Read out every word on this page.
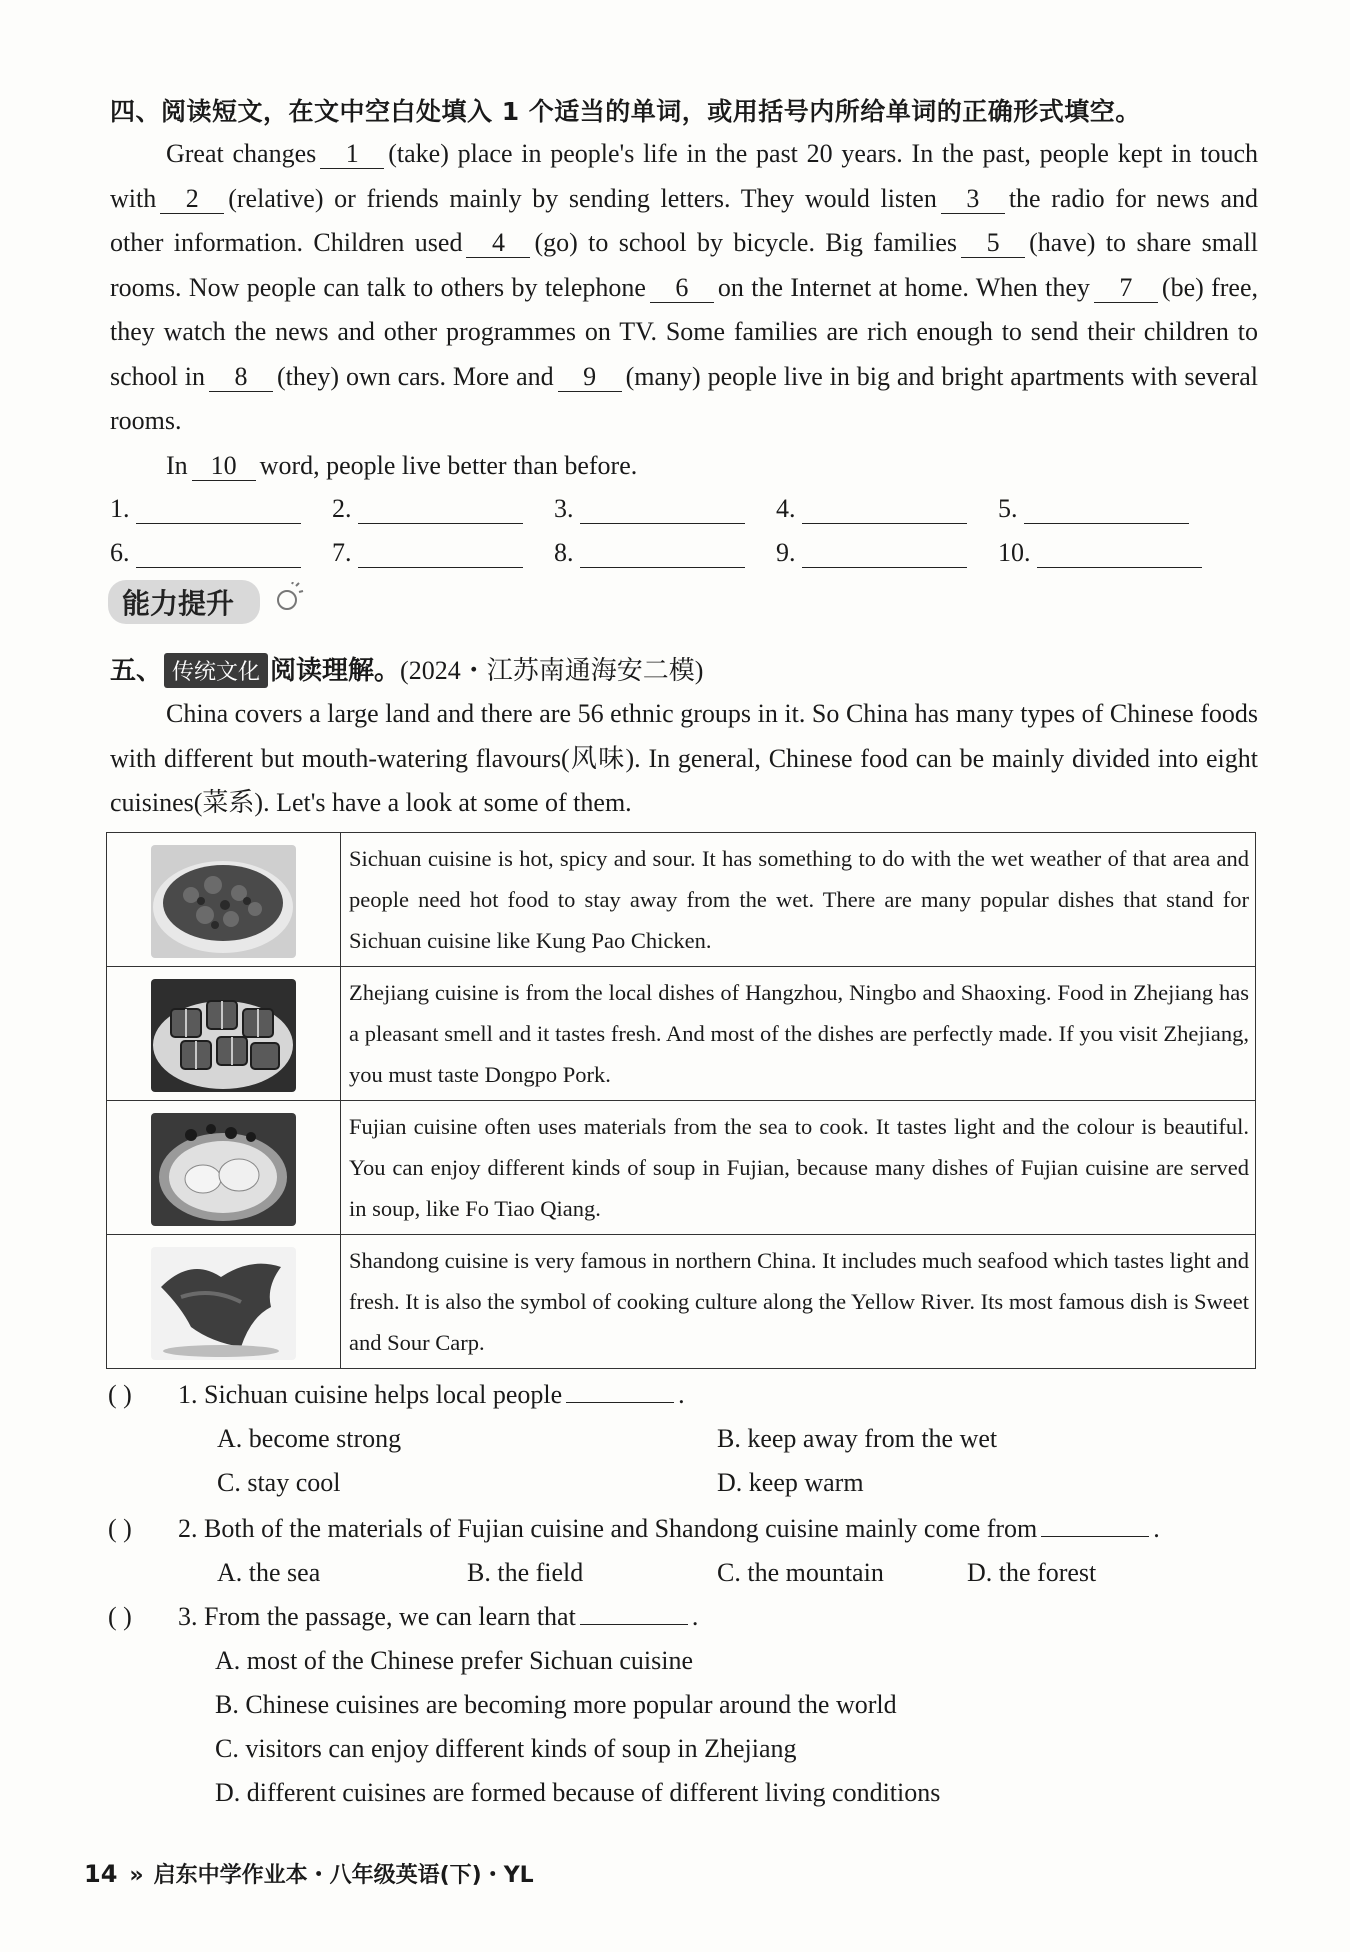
四、阅读短文，在文中空白处填入 1 个适当的单词，或用括号内所给单词的正确形式填空。

Great changes 1 (take) place in people's life in the past 20 years. In the past, people kept in touch with 2 (relative) or friends mainly by sending letters. They would listen 3 the radio for news and other information. Children used 4 (go) to school by bicycle. Big families 5 (have) to share small rooms. Now people can talk to others by telephone 6 on the Internet at home. When they 7 (be) free, they watch the news and other programmes on TV. Some families are rich enough to send their children to school in 8 (they) own cars. More and 9 (many) people live in big and bright apartments with several rooms.

In 10 word, people live better than before.

1.	2.	3.	4.	5.
6.	7.	8.	9.	10.
能力提升
五、 传统文化 阅读理解。(2024・江苏南通海安二模)

China covers a large land and there are 56 ethnic groups in it. So China has many types of Chinese foods with different but mouth-watering flavours(风味). In general, Chinese food can be mainly divided into eight cuisines(菜系). Let's have a look at some of them.

	Sichuan cuisine is hot, spicy and sour. It has something to do with the wet weather of that area and people need hot food to stay away from the wet. There are many popular dishes that stand for Sichuan cuisine like Kung Pao Chicken.

	Zhejiang cuisine is from the local dishes of Hangzhou, Ningbo and Shaoxing. Food in Zhejiang has a pleasant smell and it tastes fresh. And most of the dishes are perfectly made. If you visit Zhejiang, you must taste Dongpo Pork.

	Fujian cuisine often uses materials from the sea to cook. It tastes light and the colour is beautiful. You can enjoy different kinds of soup in Fujian, because many dishes of Fujian cuisine are served in soup, like Fo Tiao Qiang.

	Shandong cuisine is very famous in northern China. It includes much seafood which tastes light and fresh. It is also the symbol of cooking culture along the Yellow River. Its most famous dish is Sweet and Sour Carp.
( ) 1. Sichuan cuisine helps local people	.
A. become strong	B. keep away from the wet
C. stay cool	D. keep warm
( ) 2. Both of the materials of Fujian cuisine and Shandong cuisine mainly come from	.
A. the sea	B. the field	C. the mountain	D. the forest
( ) 3. From the passage, we can learn that	.
A. most of the Chinese prefer Sichuan cuisine
B. Chinese cuisines are becoming more popular around the world
C. visitors can enjoy different kinds of soup in Zhejiang
D. different cuisines are formed because of different living conditions
14 » 启东中学作业本・八年级英语(下)・YL
